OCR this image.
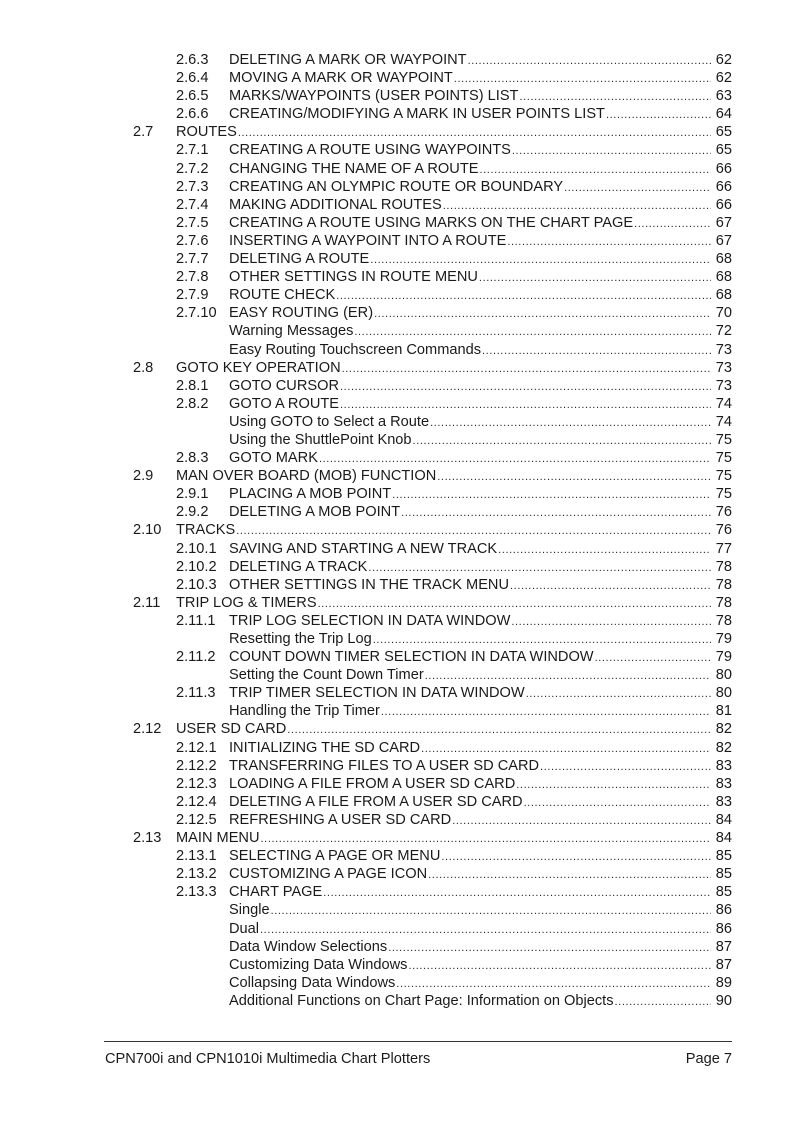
2.6.3 DELETING A MARK OR WAYPOINT .....	62
2.6.4 MOVING A MARK OR WAYPOINT .....	62
2.6.5 MARKS/WAYPOINTS (USER POINTS) LIST .....	63
2.6.6 CREATING/MODIFYING A MARK IN USER POINTS LIST .....	64
2.7 ROUTES .....	65
2.7.1 CREATING A ROUTE USING WAYPOINTS .....	65
2.7.2 CHANGING THE NAME OF A ROUTE .....	66
2.7.3 CREATING AN OLYMPIC ROUTE OR BOUNDARY .....	66
2.7.4 MAKING ADDITIONAL ROUTES .....	66
2.7.5 CREATING A ROUTE USING MARKS ON THE CHART PAGE .....	67
2.7.6 INSERTING A WAYPOINT INTO A ROUTE .....	67
2.7.7 DELETING A ROUTE .....	68
2.7.8 OTHER SETTINGS IN ROUTE MENU .....	68
2.7.9 ROUTE CHECK .....	68
2.7.10 EASY ROUTING (ER) .....	70
Warning Messages .....	72
Easy Routing Touchscreen Commands .....	73
2.8 GOTO KEY OPERATION .....	73
2.8.1 GOTO CURSOR .....	73
2.8.2 GOTO A ROUTE .....	74
Using GOTO to Select a Route .....	74
Using the ShuttlePoint Knob .....	75
2.8.3 GOTO MARK .....	75
2.9 MAN OVER BOARD (MOB) FUNCTION .....	75
2.9.1 PLACING A MOB POINT .....	75
2.9.2 DELETING A MOB POINT .....	76
2.10 TRACKS .....	76
2.10.1 SAVING AND STARTING A NEW TRACK .....	77
2.10.2 DELETING A TRACK .....	78
2.10.3 OTHER SETTINGS IN THE TRACK MENU .....	78
2.11 TRIP LOG & TIMERS .....	78
2.11.1 TRIP LOG SELECTION IN DATA WINDOW .....	78
Resetting the Trip Log .....	79
2.11.2 COUNT DOWN TIMER SELECTION IN DATA WINDOW .....	79
Setting the Count Down Timer .....	80
2.11.3 TRIP TIMER SELECTION IN DATA WINDOW .....	80
Handling the Trip Timer .....	81
2.12 USER SD CARD .....	82
2.12.1 INITIALIZING THE SD CARD .....	82
2.12.2 TRANSFERRING FILES TO A USER SD CARD .....	83
2.12.3 LOADING A FILE FROM A USER SD CARD .....	83
2.12.4 DELETING A FILE FROM A USER SD CARD .....	83
2.12.5 REFRESHING A USER SD CARD .....	84
2.13 MAIN MENU .....	84
2.13.1 SELECTING A PAGE OR MENU .....	85
2.13.2 CUSTOMIZING A PAGE ICON .....	85
2.13.3 CHART PAGE .....	85
Single .....	86
Dual .....	86
Data Window Selections .....	87
Customizing Data Windows .....	87
Collapsing Data Windows .....	89
Additional Functions on Chart Page: Information on Objects .....	90
CPN700i and CPN1010i Multimedia Chart Plotters	Page 7
